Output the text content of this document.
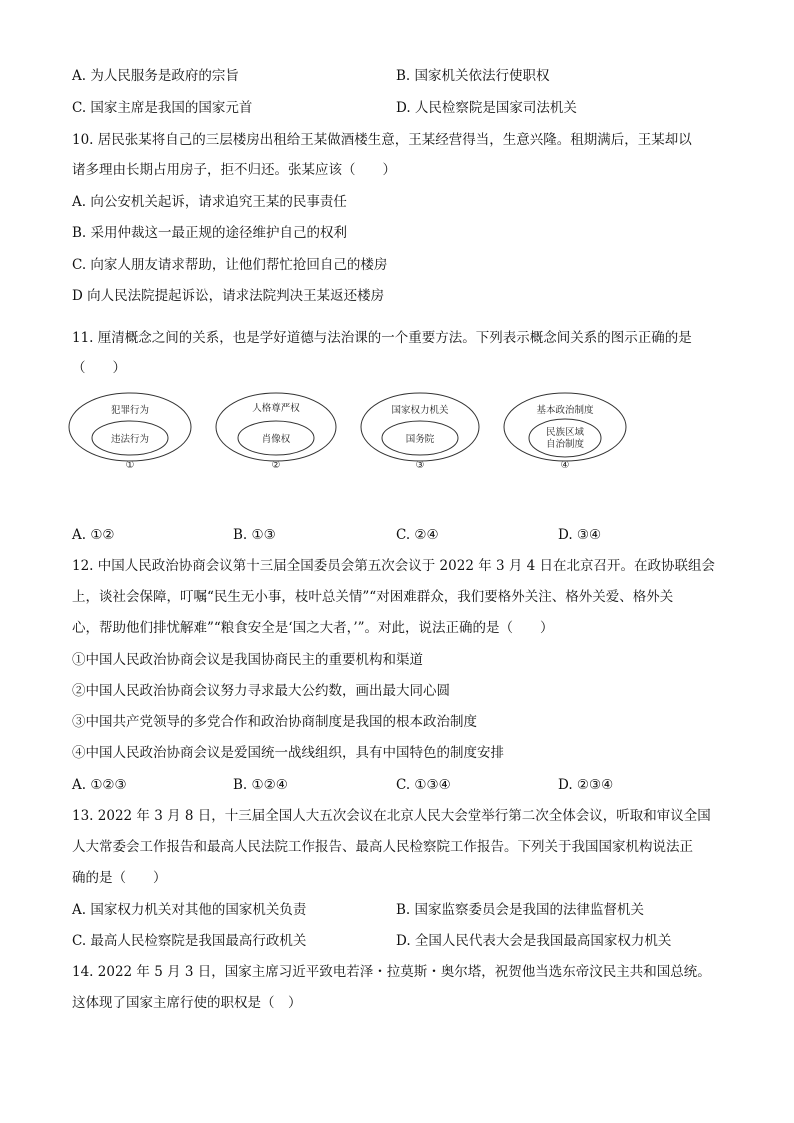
A. 为人民服务是政府的宗旨	B. 国家机关依法行使职权
C. 国家主席是我国的国家元首	D. 人民检察院是国家司法机关
10. 居民张某将自己的三层楼房出租给王某做酒楼生意，王某经营得当，生意兴隆。租期满后，王某却以
诸多理由长期占用房子，拒不归还。张某应该（　　）
A. 向公安机关起诉，请求追究王某的民事责任
B. 采用仲裁这一最正规的途径维护自己的权利
C. 向家人朋友请求帮助，让他们帮忙抢回自己的楼房
D 向人民法院提起诉讼，请求法院判决王某返还楼房
11. 厘清概念之间的关系，也是学好道德与法治课的一个重要方法。下列表示概念间关系的图示正确的是
（　　）
犯罪行为
违法行为
①
人格尊严权
肖像权
②
国家权力机关
国务院
③
基本政治制度
民族区域
自治制度
④
A. ①②	B. ①③	C. ②④	D. ③④
12. 中国人民政治协商会议第十三届全国委员会第五次会议于 2022 年 3 月 4 日在北京召开。在政协联组会
上，谈社会保障，叮嘱“民生无小事，枝叶总关情”“对困难群众，我们要格外关注、格外关爱、格外关
心，帮助他们排忧解难”“粮食安全是‘国之大者，’”。对此，说法正确的是（　　）
①中国人民政治协商会议是我国协商民主的重要机构和渠道
②中国人民政治协商会议努力寻求最大公约数，画出最大同心圆
③中国共产党领导的多党合作和政治协商制度是我国的根本政治制度
④中国人民政治协商会议是爱国统一战线组织，具有中国特色的制度安排
A. ①②③	B. ①②④	C. ①③④	D. ②③④
13. 2022 年 3 月 8 日，十三届全国人大五次会议在北京人民大会堂举行第二次全体会议，听取和审议全国
人大常委会工作报告和最高人民法院工作报告、最高人民检察院工作报告。下列关于我国国家机构说法正
确的是（　　）
A. 国家权力机关对其他的国家机关负责	B. 国家监察委员会是我国的法律监督机关
C. 最高人民检察院是我国最高行政机关	D. 全国人民代表大会是我国最高国家权力机关
14. 2022 年 5 月 3 日，国家主席习近平致电若泽・拉莫斯・奥尔塔，祝贺他当选东帝汶民主共和国总统。
这体现了国家主席行使的职权是（　）
